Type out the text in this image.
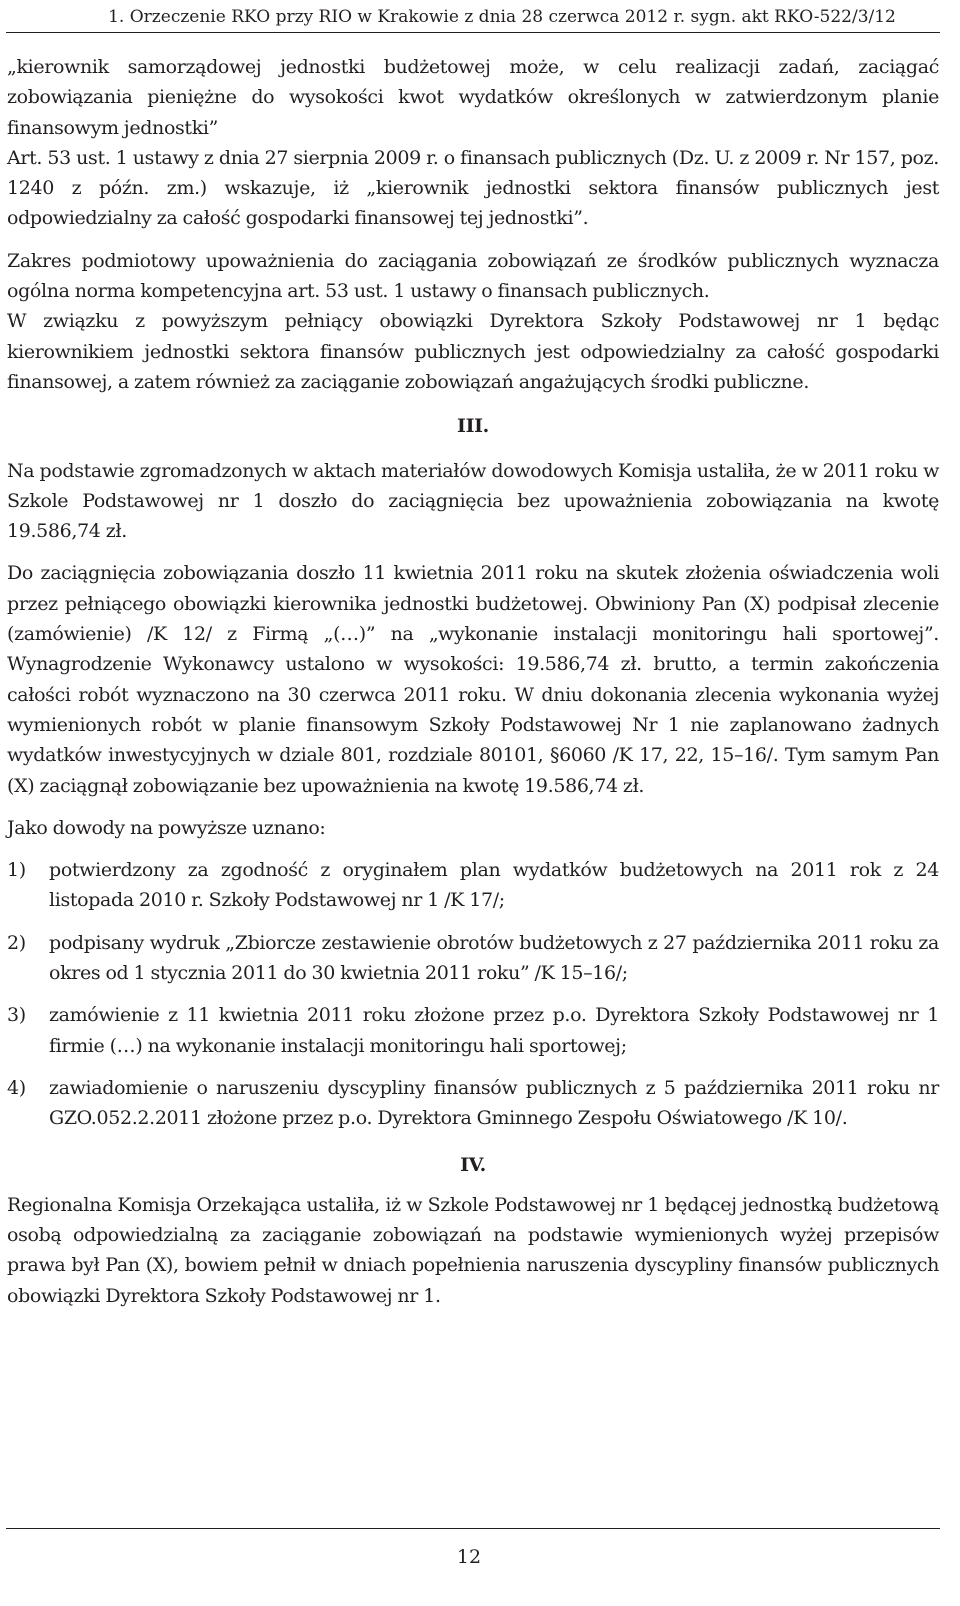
1. Orzeczenie RKO przy RIO w Krakowie z dnia 28 czerwca 2012 r. sygn. akt RKO-522/3/12

„kierownik samorządowej jednostki budżetowej może, w celu realizacji zadań, zaciągać zobowiązania pieniężne do wysokości kwot wydatków określonych w zatwierdzonym planie finansowym jednostki”

Art. 53 ust. 1 ustawy z dnia 27 sierpnia 2009 r. o finansach publicznych (Dz. U. z 2009 r. Nr 157, poz. 1240 z późn. zm.) wskazuje, iż „kierownik jednostki sektora finansów publicznych jest odpowiedzialny za całość gospodarki finansowej tej jednostki”.

Zakres podmiotowy upoważnienia do zaciągania zobowiązań ze środków publicznych wyznacza ogólna norma kompetencyjna art. 53 ust. 1 ustawy o finansach publicznych.

W związku z powyższym pełniący obowiązki Dyrektora Szkoły Podstawowej nr 1 będąc kierownikiem jednostki sektora finansów publicznych jest odpowiedzialny za całość gospodarki finansowej, a zatem również za zaciąganie zobowiązań angażujących środki publiczne.

III.

Na podstawie zgromadzonych w aktach materiałów dowodowych Komisja ustaliła, że w 2011 roku w Szkole Podstawowej nr 1 doszło do zaciągnięcia bez upoważnienia zobowiązania na kwotę 19.586,74 zł.

Do zaciągnięcia zobowiązania doszło 11 kwietnia 2011 roku na skutek złożenia oświadczenia woli przez pełniącego obowiązki kierownika jednostki budżetowej. Obwiniony Pan (X) podpisał zlecenie (zamówienie) /K 12/ z Firmą „(…)” na „wykonanie instalacji monitoringu hali sportowej”. Wynagrodzenie Wykonawcy ustalono w wysokości: 19.586,74 zł. brutto, a termin zakończenia całości robót wyznaczono na 30 czerwca 2011 roku. W dniu dokonania zlecenia wykonania wyżej wymienionych robót w planie finansowym Szkoły Podstawowej Nr 1 nie zaplanowano żadnych wydatków inwestycyjnych w dziale 801, rozdziale 80101, §6060 /K 17, 22, 15–16/. Tym samym Pan (X) zaciągnął zobowiązanie bez upoważnienia na kwotę 19.586,74 zł.

Jako dowody na powyższe uznano:

1) potwierdzony za zgodność z oryginałem plan wydatków budżetowych na 2011 rok z 24 listopada 2010 r. Szkoły Podstawowej nr 1 /K 17/;
2) podpisany wydruk „Zbiorcze zestawienie obrotów budżetowych z 27 października 2011 roku za okres od 1 stycznia 2011 do 30 kwietnia 2011 roku” /K 15–16/;
3) zamówienie z 11 kwietnia 2011 roku złożone przez p.o. Dyrektora Szkoły Podstawowej nr 1 firmie (…) na wykonanie instalacji monitoringu hali sportowej;
4) zawiadomienie o naruszeniu dyscypliny finansów publicznych z 5 października 2011 roku nr GZO.052.2.2011 złożone przez p.o. Dyrektora Gminnego Zespołu Oświatowego /K 10/.
IV.

Regionalna Komisja Orzekająca ustaliła, iż w Szkole Podstawowej nr 1 będącej jednostką budżetową osobą odpowiedzialną za zaciąganie zobowiązań na podstawie wymienionych wyżej przepisów prawa był Pan (X), bowiem pełnił w dniach popełnienia naruszenia dyscypliny finansów publicznych obowiązki Dyrektora Szkoły Podstawowej nr 1.

12
